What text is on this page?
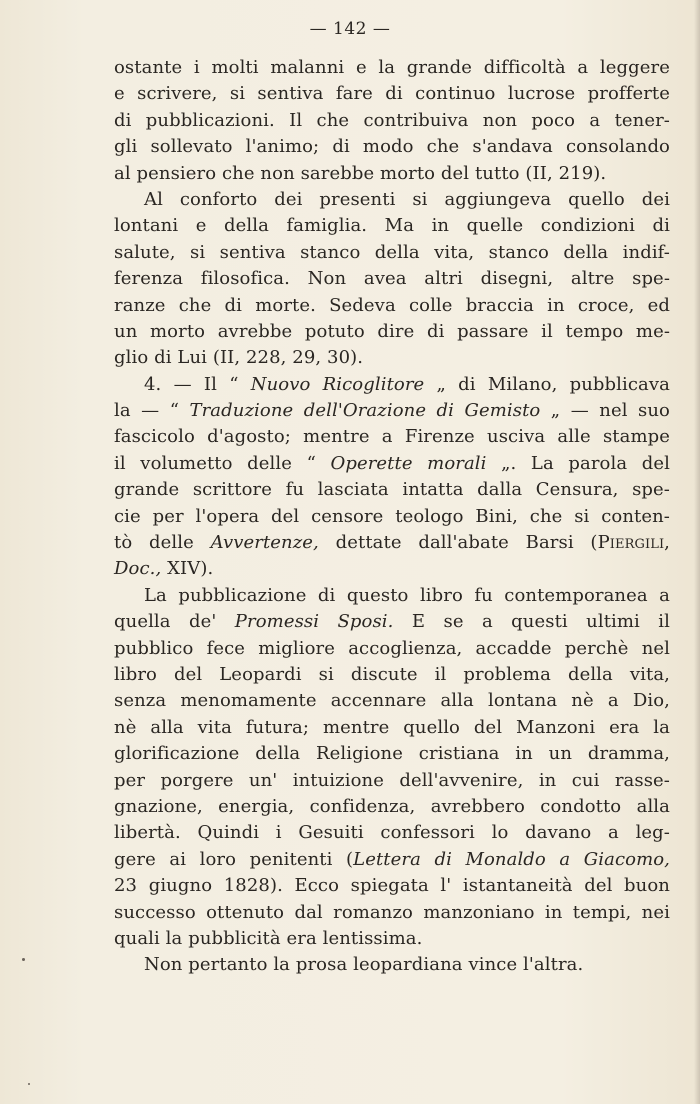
— 142 —
ostante i molti malanni e la grande difficoltà a leggere
e scrivere, si sentiva fare di continuo lucrose profferte
di pubblicazioni. Il che contribuiva non poco a tener-
gli sollevato l'animo; di modo che s'andava consolando
al pensiero che non sarebbe morto del tutto (II, 219).
Al conforto dei presenti si aggiungeva quello dei
lontani e della famiglia. Ma in quelle condizioni di
salute, si sentiva stanco della vita, stanco della indif-
ferenza filosofica. Non avea altri disegni, altre spe-
ranze che di morte. Sedeva colle braccia in croce, ed
un morto avrebbe potuto dire di passare il tempo me-
glio di Lui (II, 228, 29, 30).
4. — Il “ Nuovo Ricoglitore „ di Milano, pubblicava
la — “ Traduzione dell'Orazione di Gemisto „ — nel suo
fascicolo d'agosto; mentre a Firenze usciva alle stampe
il volumetto delle “ Operette morali „. La parola del
grande scrittore fu lasciata intatta dalla Censura, spe-
cie per l'opera del censore teologo Bini, che si conten-
tò delle Avvertenze, dettate dall'abate Barsi (Piergili,
Doc., XIV).
La pubblicazione di questo libro fu contemporanea a
quella de' Promessi Sposi. E se a questi ultimi il
pubblico fece migliore accoglienza, accadde perchè nel
libro del Leopardi si discute il problema della vita,
senza menomamente accennare alla lontana nè a Dio,
nè alla vita futura; mentre quello del Manzoni era la
glorificazione della Religione cristiana in un dramma,
per porgere un' intuizione dell'avvenire, in cui rasse-
gnazione, energia, confidenza, avrebbero condotto alla
libertà. Quindi i Gesuiti confessori lo davano a leg-
gere ai loro penitenti (Lettera di Monaldo a Giacomo,
23 giugno 1828). Ecco spiegata l' istantaneità del buon
successo ottenuto dal romanzo manzoniano in tempi, nei
quali la pubblicità era lentissima.
Non pertanto la prosa leopardiana vince l'altra.
